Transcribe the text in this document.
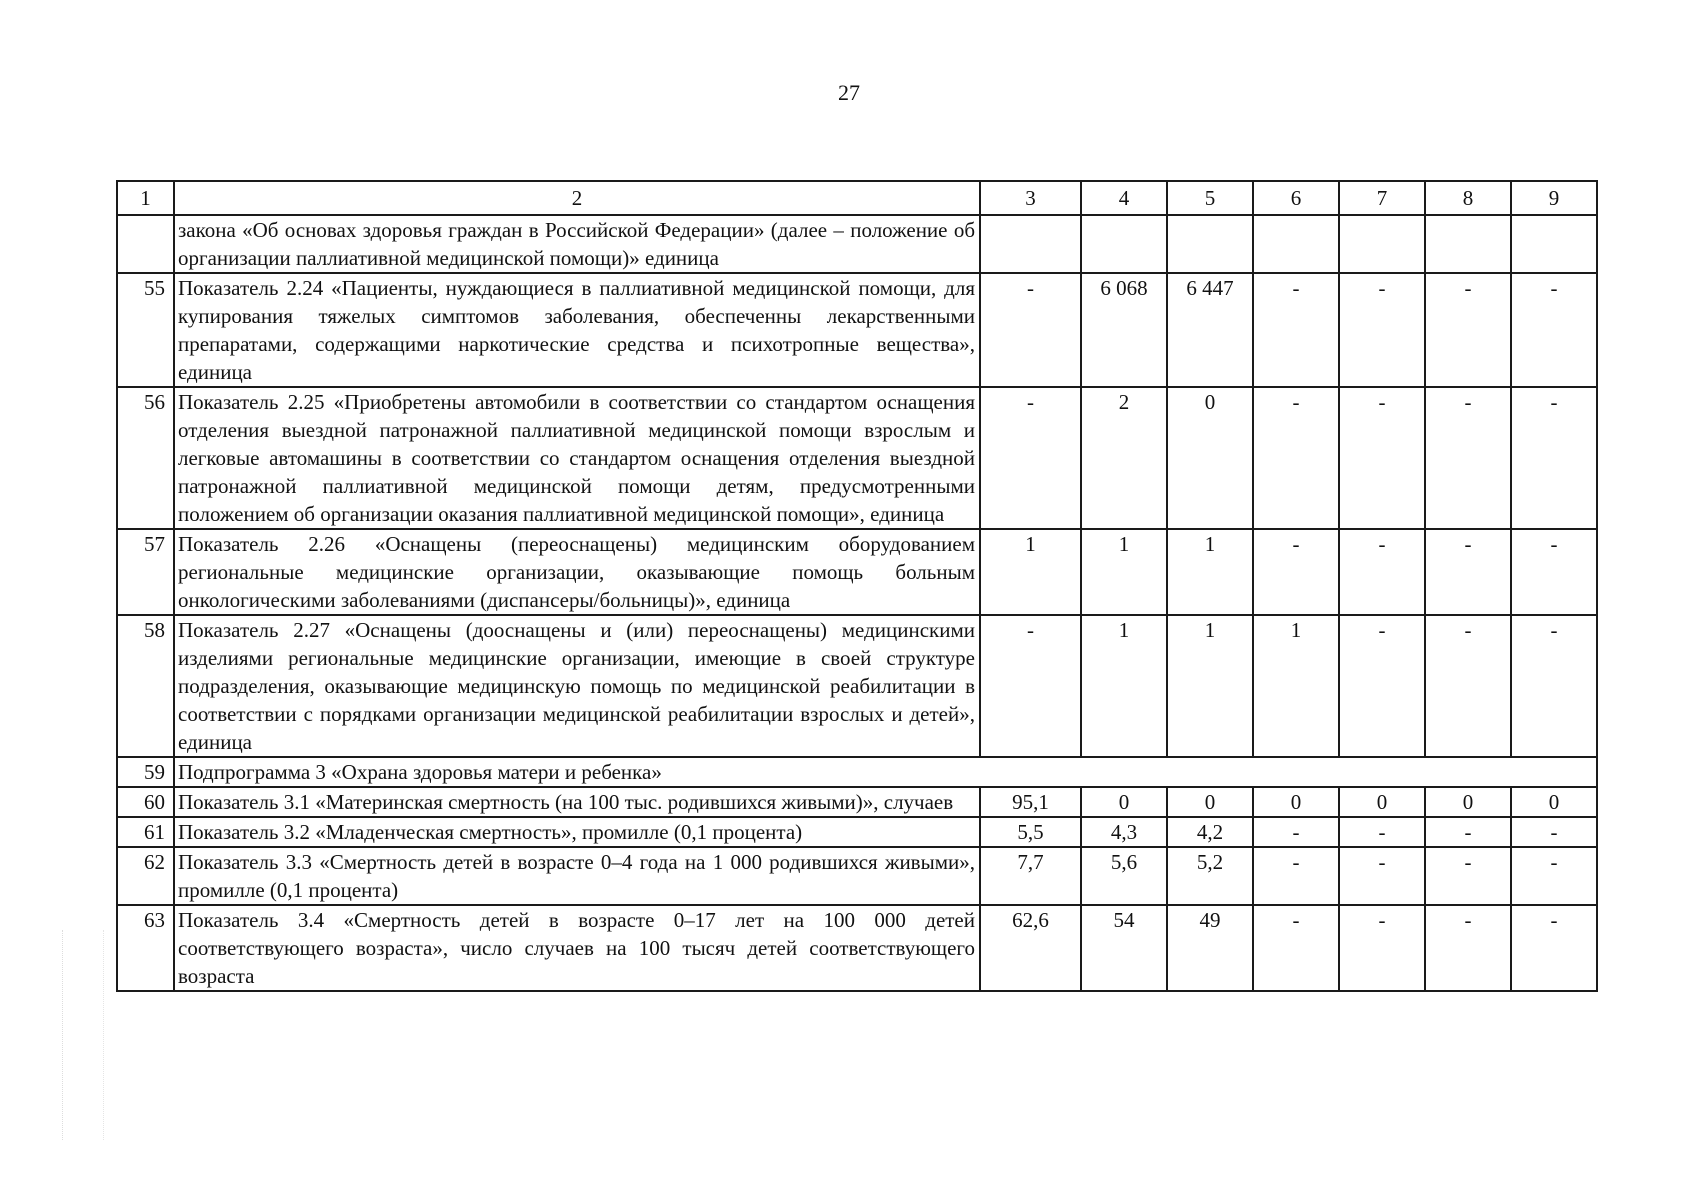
27
1	2	3	4	5	6	7	8	9
	закона «Об основах здоровья граждан в Российской Федерации» (далее – положение об организации паллиативной медицинской помощи)» единица							
55	Показатель 2.24 «Пациенты, нуждающиеся в паллиативной медицинской помощи, для купирования тяжелых симптомов заболевания, обеспеченны лекарственными препаратами, содержащими наркотические средства и психотропные вещества», единица	-	6 068	6 447	-	-	-	-
56	Показатель 2.25 «Приобретены автомобили в соответствии со стандартом оснащения отделения выездной патронажной паллиативной медицинской помощи взрослым и легковые автомашины в соответствии со стандартом оснащения отделения выездной патронажной паллиативной медицинской помощи детям, предусмотренными положением об организации оказания паллиативной медицинской помощи», единица	-	2	0	-	-	-	-
57	Показатель 2.26 «Оснащены (переоснащены) медицинским оборудованием региональные медицинские организации, оказывающие помощь больным онкологическими заболеваниями (диспансеры/больницы)», единица	1	1	1	-	-	-	-
58	Показатель 2.27 «Оснащены (дооснащены и (или) переоснащены) медицинскими изделиями региональные медицинские организации, имеющие в своей структуре подразделения, оказывающие медицинскую помощь по медицинской реабилитации в соответствии с порядками организации медицинской реабилитации взрослых и детей», единица	-	1	1	1	-	-	-
59	Подпрограмма 3 «Охрана здоровья матери и ребенка»							
60	Показатель 3.1 «Материнская смертность (на 100 тыс. родившихся живыми)», случаев	95,1	0	0	0	0	0	0
61	Показатель 3.2 «Младенческая смертность», промилле (0,1 процента)	5,5	4,3	4,2	-	-	-	-
62	Показатель 3.3 «Смертность детей в возрасте 0–4 года на 1 000 родившихся живыми», промилле (0,1 процента)	7,7	5,6	5,2	-	-	-	-
63	Показатель 3.4 «Смертность детей в возрасте 0–17 лет на 100 000 детей соответствующего возраста», число случаев на 100 тысяч детей соответствующего возраста	62,6	54	49	-	-	-	-
